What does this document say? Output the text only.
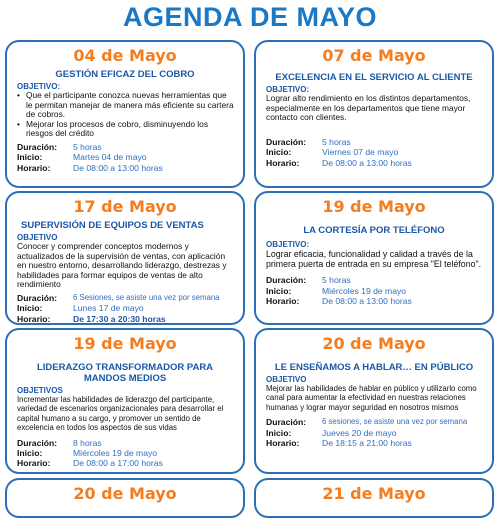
AGENDA DE MAYO
04 de Mayo
GESTIÓN EFICAZ DEL COBRO
OBJETIVO:
• Que el participante conozca nuevas herramientas que le permitan manejar de manera más eficiente su cartera de cobros.
• Mejorar los procesos de cobro, disminuyendo los riesgos del crédito
Duración:	5 horas
Inicio:	Martes 04 de mayo
Horario:	De 08:00 a 13:00 horas
07 de Mayo
EXCELENCIA EN EL SERVICIO AL CLIENTE
OBJETIVO:
Lograr alto rendimiento en los distintos departamentos, especialmente en los departamentos que tiene mayor contacto con clientes.
Duración:	5 horas
Inicio:	Viernes 07 de mayo
Horario:	De 08:00 a 13:00 horas
17 de Mayo
SUPERVISIÓN DE EQUIPOS DE VENTAS
OBJETIVO
Conocer y comprender conceptos modernos y actualizados de la supervisión de ventas, con aplicación en nuestro entorno, desarrollando liderazgo, destrezas y habilidades para formar equipos de ventas de alto rendimiento
Duración:	6 Sesiones, se asiste una vez por semana
Inicio:	Lunes 17 de mayo
Horario:	De 17:30 a 20:30 horas
19 de Mayo
LA CORTESÍA POR TELÉFONO
OBJETIVO:
Lograr eficacia, funcionalidad y calidad a través de la primera puerta de entrada en su empresa "El teléfono".
Duración:	5 horas
Inicio:	Miércoles 19 de mayo
Horario:	De 08:00 a 13:00 horas
19 de Mayo
LIDERAZGO TRANSFORMADOR PARA MANDOS MEDIOS
OBJETIVOS
Incrementar las habilidades de liderazgo del participante, variedad de escenarios organizacionales para desarrollar el capital humano a su cargo, y promover un sentido de excelencia en todos los aspectos de sus vidas
Duración:	8 horas
Inicio:	Miércoles 19 de mayo
Horario:	De 08:00 a 17:00 horas
20 de Mayo
LE ENSEÑAMOS A HABLAR… EN PÚBLICO
OBJETIVO
Mejorar las habilidades de hablar en público y utilizarlo como canal para aumentar la efectividad en nuestras relaciones humanas y lograr mayor seguridad en nosotros mismos
Duración:	6 sesiones, se asiste una vez por semana
Inicio:	Jueves 20 de mayo
Horario:	De 18:15 a 21:00 horas
20 de Mayo	21 de Mayo
